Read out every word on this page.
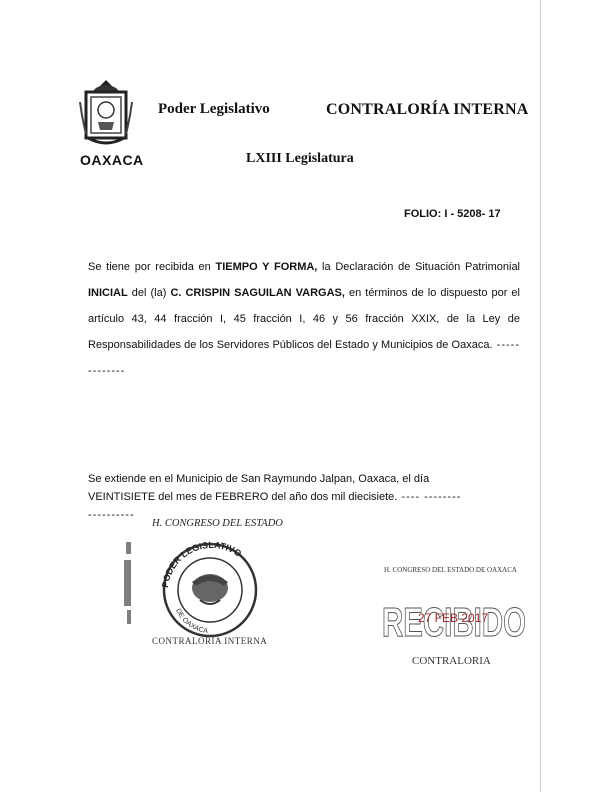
OAXACA
Poder Legislativo	CONTRALORÍA INTERNA
LXIII Legislatura
FOLIO: I - 5208- 17
Se tiene por recibida en TIEMPO Y FORMA, la Declaración de Situación Patrimonial INICIAL del (la) C. CRISPIN SAGUILAN VARGAS, en términos de lo dispuesto por el artículo 43, 44 fracción I, 45 fracción I, 46 y 56 fracción XXIX, de la Ley de Responsabilidades de los Servidores Públicos del Estado y Municipios de Oaxaca. -------------
Se extiende en el Municipio de San Raymundo Jalpan, Oaxaca, el día
VEINTISIETE del mes de FEBRERO del año dos mil diecisiete. ---- --------
----------
H. CONGRESO DEL ESTADO
PODER LEGISLATIVO
DE OAXACA
CONTRALORÍA INTERNA
H. CONGRESO DEL ESTADO DE OAXACA
RECIBIDO
27 FEB 2017
CONTRALORIA
